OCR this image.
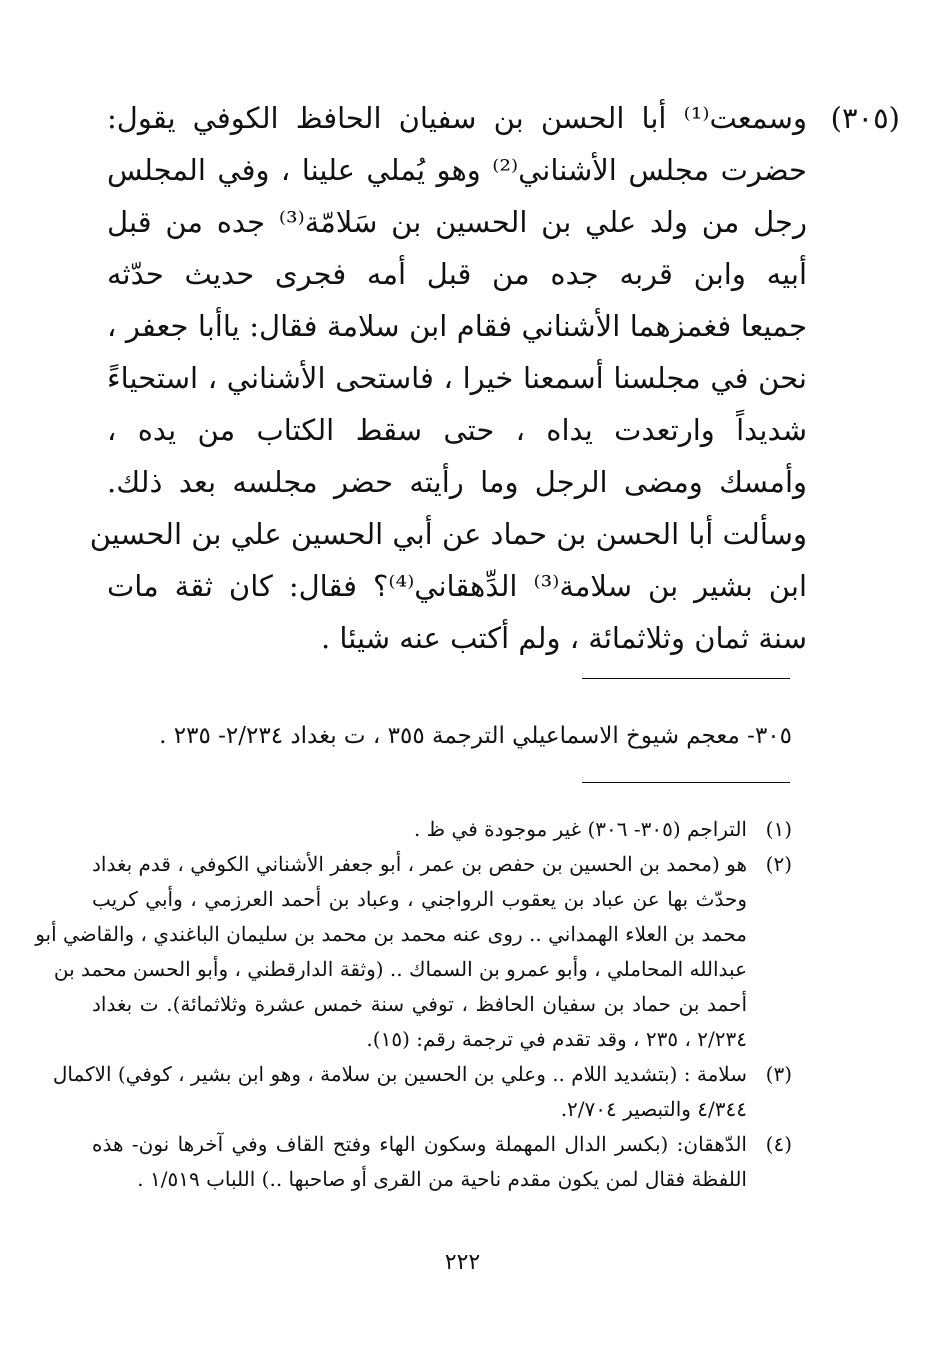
(٣٠٥)
وسمعت⁽¹⁾ أبا الحسن بن سفيان الحافظ الكوفي يقول:
حضرت مجلس الأشناني⁽²⁾ وهو يُملي علينا ، وفي المجلس
رجل من ولد علي بن الحسين بن سَلامّة⁽³⁾ جده من قبل
أبيه وابن قربه جده من قبل أمه فجرى حديث حدّثه
جميعا فغمزهما الأشناني فقام ابن سلامة فقال: ياأبا جعفر ،
نحن في مجلسنا أسمعنا خيرا ، فاستحى الأشناني ، استحياءً
شديداً وارتعدت يداه ، حتى سقط الكتاب من يده ،
وأمسك ومضى الرجل وما رأيته حضر مجلسه بعد ذلك.
وسألت أبا الحسن بن حماد عن أبي الحسين علي بن الحسين
ابن بشير بن سلامة⁽³⁾ الدِّهقاني⁽⁴⁾؟ فقال: كان ثقة مات
سنة ثمان وثلاثمائة ، ولم أكتب عنه شيئا .
٣٠٥- معجم شيوخ الاسماعيلي الترجمة ٣٥٥ ، ت بغداد ٢/٢٣٤- ٢٣٥ .
(١)
التراجم (٣٠٥- ٣٠٦) غير موجودة في ظ .
(٢)
هو (محمد بن الحسين بن حفص بن عمر ، أبو جعفر الأشناني الكوفي ، قدم بغداد
وحدّث بها عن عباد بن يعقوب الرواجني ، وعباد بن أحمد العرزمي ، وأبي كريب
محمد بن العلاء الهمداني .. روى عنه محمد بن محمد بن سليمان الباغندي ، والقاضي أبو
عبدالله المحاملي ، وأبو عمرو بن السماك .. (وثقة الدارقطني ، وأبو الحسن محمد بن
أحمد بن حماد بن سفيان الحافظ ، توفي سنة خمس عشرة وثلاثمائة). ت بغداد
٢/٢٣٤ ، ٢٣٥ ، وقد تقدم في ترجمة رقم: (١٥).
(٣)
سلامة : (بتشديد اللام .. وعلي بن الحسين بن سلامة ، وهو ابن بشير ، كوفي) الاكمال
٤/٣٤٤ والتبصير ٢/٧٠٤.
(٤)
الدّهقان: (بكسر الدال المهملة وسكون الهاء وفتح القاف وفي آخرها نون- هذه
اللفظة فقال لمن يكون مقدم ناحية من القرى أو صاحبها ..) اللباب ١/٥١٩ .
٢٢٢
